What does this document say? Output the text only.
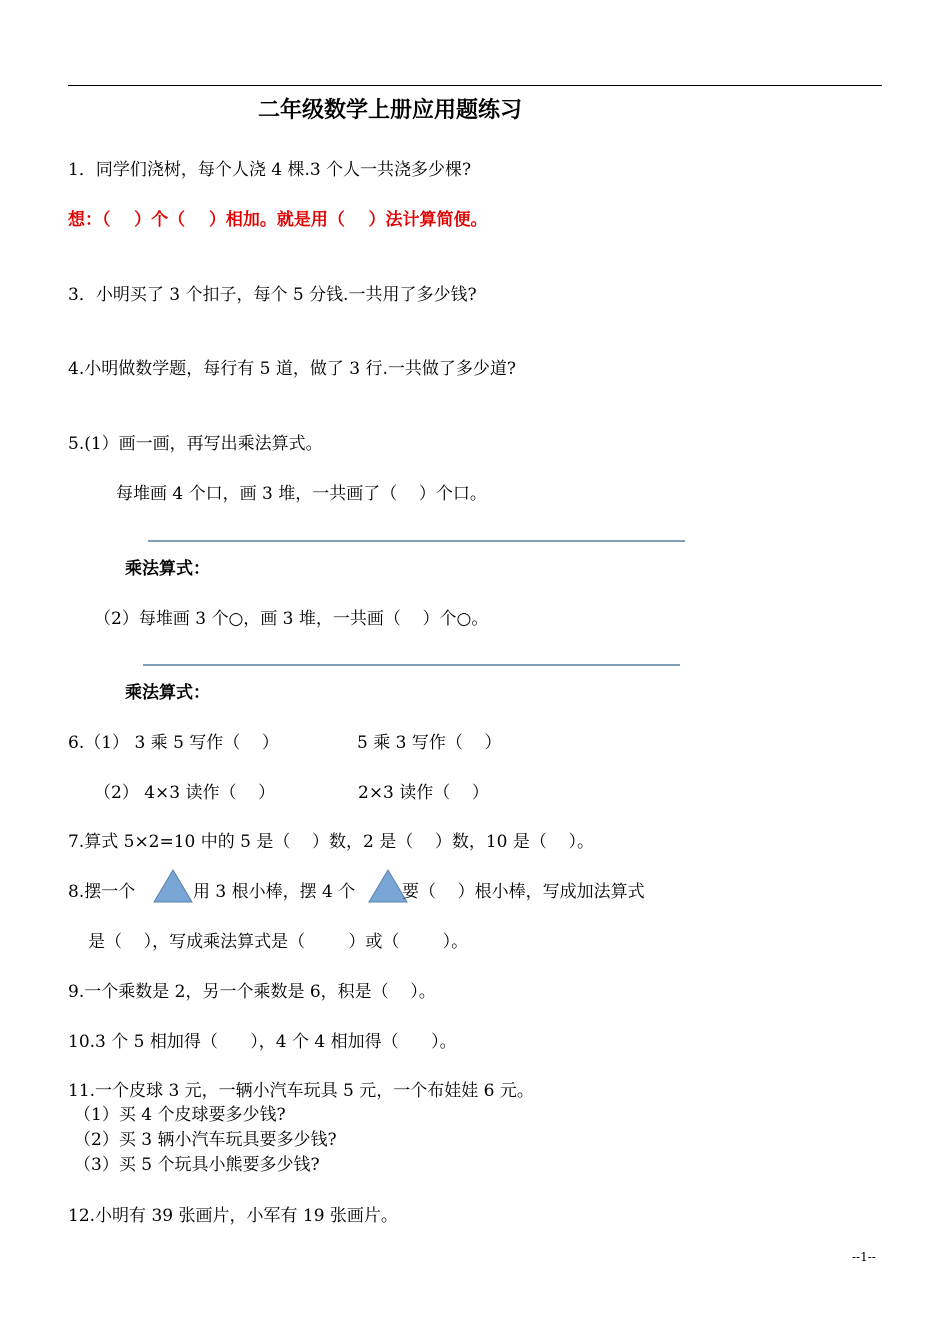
二年级数学上册应用题练习
1．同学们浇树，每个人浇 4 棵.3 个人一共浇多少棵?
想：（    ）个（    ）相加。就是用（    ）法计算简便。
3．小明买了 3 个扣子，每个 5 分钱.一共用了多少钱?
4.小明做数学题，每行有 5 道，做了 3 行.一共做了多少道?
5.(1）画一画，再写出乘法算式。
每堆画 4 个口，画 3 堆，一共画了（    ）个口。
乘法算式：
（2）每堆画 3 个○，画 3 堆，一共画（    ）个○。
乘法算式：
6.（1） 3 乘 5 写作（    ）	5 乘 3 写作（    ）
（2） 4×3 读作（    ）	2×3 读作（    ）
7.算式 5×2=10 中的 5 是（    ）数，2 是（    ）数，10 是（    ）。
8.摆一个	用 3 根小棒，摆 4 个	要（    ）根小棒，写成加法算式
是（    ），写成乘法算式是（        ）或（        ）。
9.一个乘数是 2，另一个乘数是 6，积是（    ）。
10.3 个 5 相加得（      ），4 个 4 相加得（      ）。
11.一个皮球 3 元，一辆小汽车玩具 5 元，一个布娃娃 6 元。
（1）买 4 个皮球要多少钱?
（2）买 3 辆小汽车玩具要多少钱?
（3）买 5 个玩具小熊要多少钱?
12.小明有 39 张画片，小军有 19 张画片。
--1--
